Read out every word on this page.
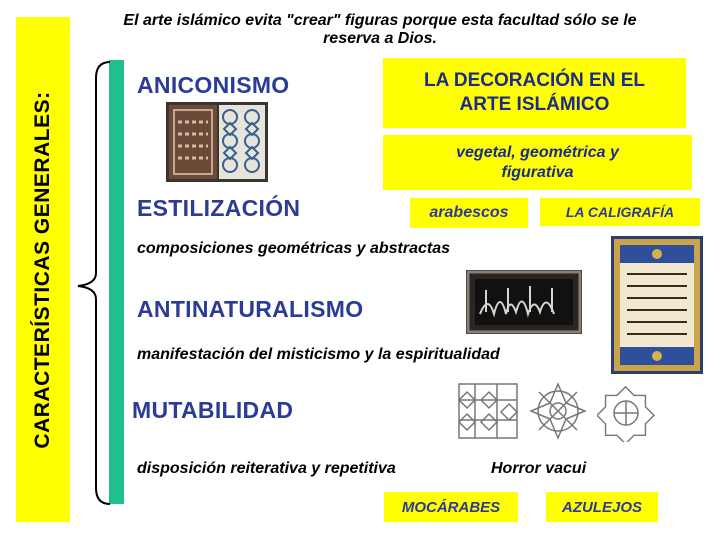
CARACTERÍSTICAS GENERALES:
El arte islámico evita "crear" figuras porque esta facultad sólo se le reserva a Dios.
ANICONISMO
ESTILIZACIÓN
composiciones geométricas y abstractas
ANTINATURALISMO
manifestación del misticismo y la espiritualidad
MUTABILIDAD
disposición reiterativa y repetitiva	Horror vacui
LA DECORACIÓN EN EL ARTE ISLÁMICO
vegetal, geométrica y figurativa
arabescos	LA CALIGRAFÍA
MOCÁRABES	AZULEJOS
